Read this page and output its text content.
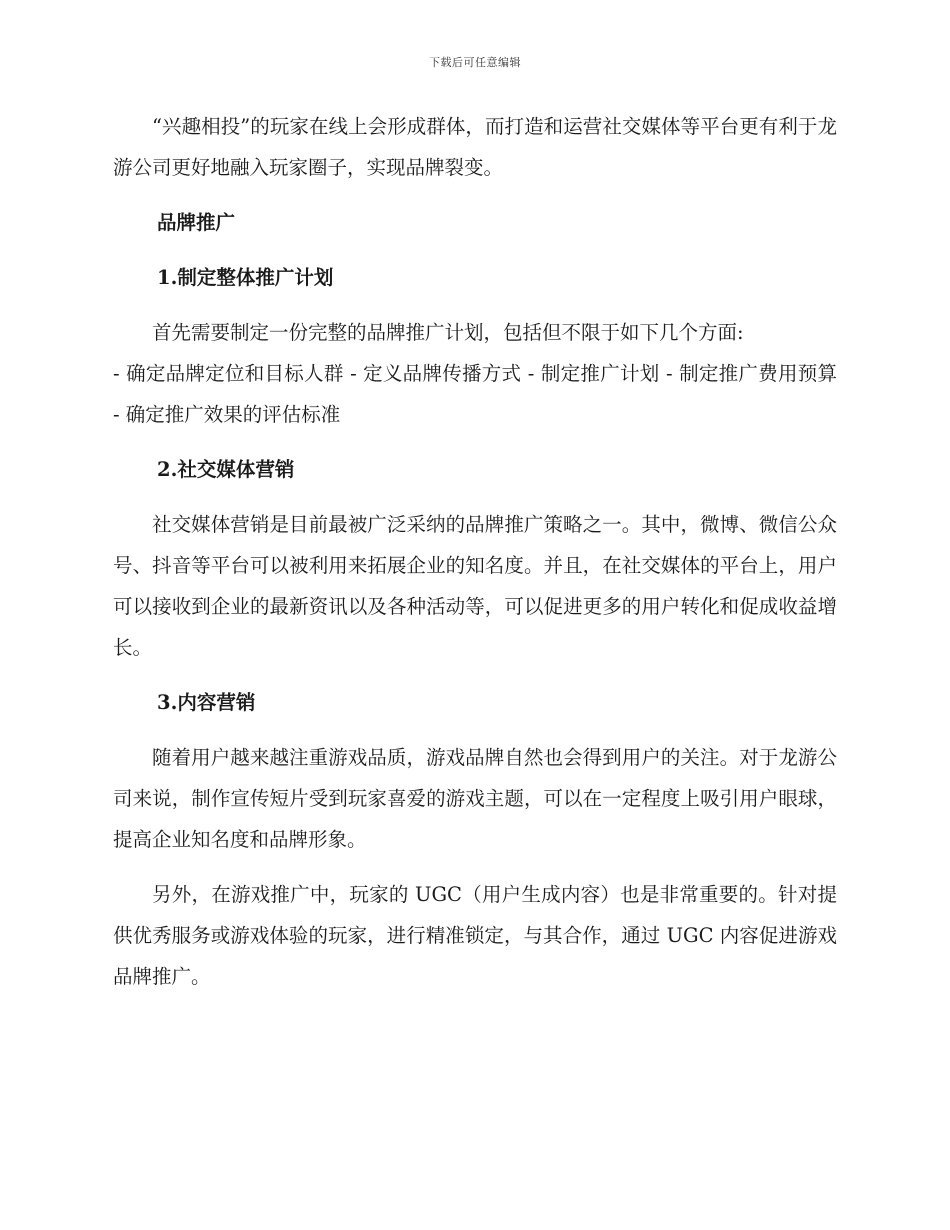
下载后可任意编辑

“兴趣相投”的玩家在线上会形成群体，而打造和运营社交媒体等平台更有利于龙游公司更好地融入玩家圈子，实现品牌裂变。

品牌推广
1.制定整体推广计划

首先需要制定一份完整的品牌推广计划，包括但不限于如下几个方面:

- 确定品牌定位和目标人群 - 定义品牌传播方式 - 制定推广计划 - 制定推广费用预算 - 确定推广效果的评估标准

2.社交媒体营销

社交媒体营销是目前最被广泛采纳的品牌推广策略之一。其中，微博、微信公众号、抖音等平台可以被利用来拓展企业的知名度。并且，在社交媒体的平台上，用户可以接收到企业的最新资讯以及各种活动等，可以促进更多的用户转化和促成收益增长。

3.内容营销

随着用户越来越注重游戏品质，游戏品牌自然也会得到用户的关注。对于龙游公司来说，制作宣传短片受到玩家喜爱的游戏主题，可以在一定程度上吸引用户眼球，提高企业知名度和品牌形象。

另外，在游戏推广中，玩家的 UGC（用户生成内容）也是非常重要的。针对提供优秀服务或游戏体验的玩家，进行精准锁定，与其合作，通过 UGC 内容促进游戏品牌推广。
